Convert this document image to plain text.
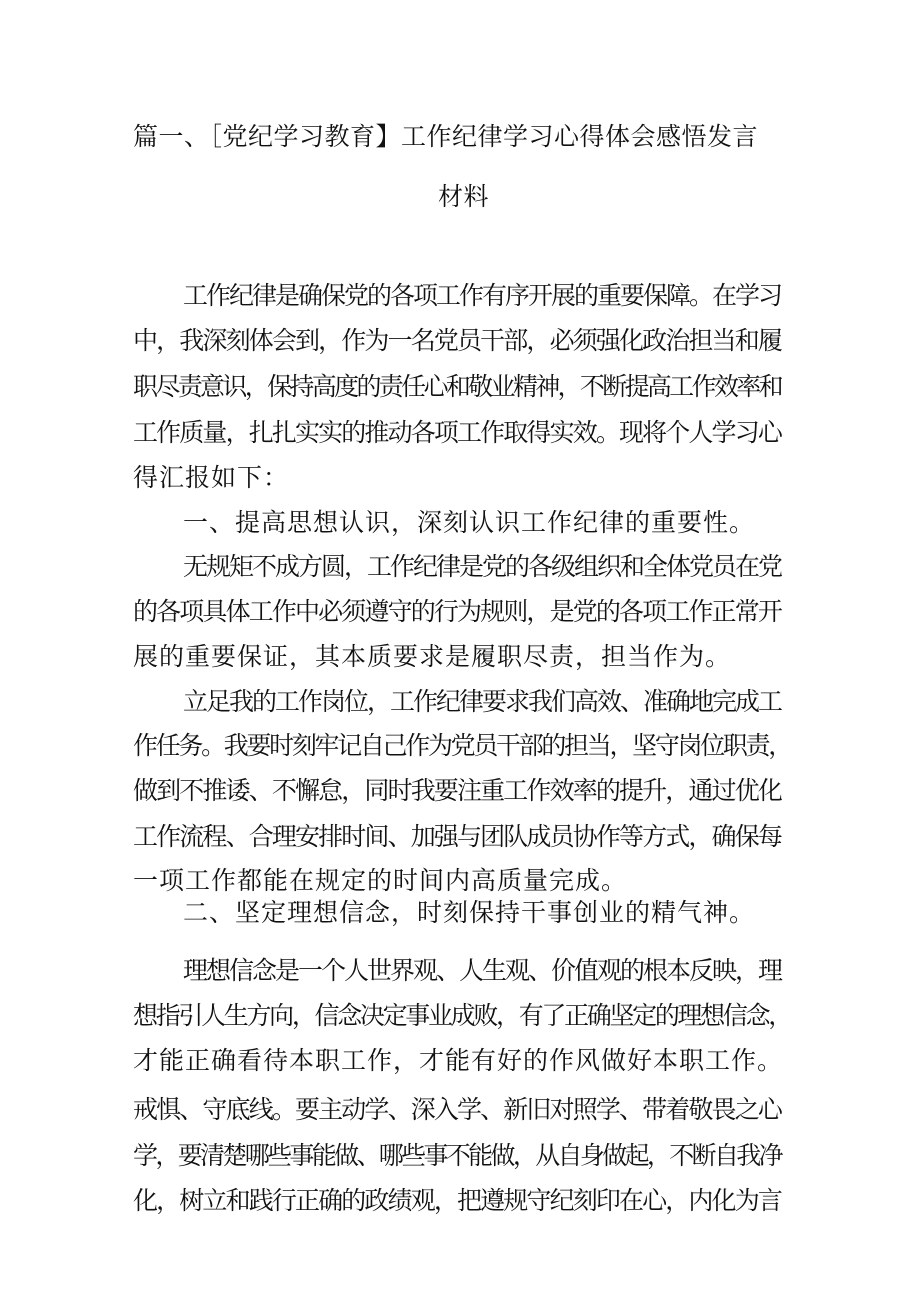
篇一、［党纪学习教育】工作纪律学习心得体会感悟发言
材料
工作纪律是确保党的各项工作有序开展的重要保障。在学习
中，我深刻体会到，作为一名党员干部，必须强化政治担当和履
职尽责意识，保持高度的责任心和敬业精神，不断提高工作效率和
工作质量，扎扎实实的推动各项工作取得实效。现将个人学习心
得汇报如下：
一、提高思想认识，深刻认识工作纪律的重要性。
无规矩不成方圆，工作纪律是党的各级组织和全体党员在党
的各项具体工作中必须遵守的行为规则，是党的各项工作正常开
展的重要保证，其本质要求是履职尽责，担当作为。
立足我的工作岗位，工作纪律要求我们高效、准确地完成工
作任务。我要时刻牢记自己作为党员干部的担当，坚守岗位职责，
做到不推诿、不懈怠，同时我要注重工作效率的提升，通过优化
工作流程、合理安排时间、加强与团队成员协作等方式，确保每
一项工作都能在规定的时间内高质量完成。
二、坚定理想信念，时刻保持干事创业的精气神。
理想信念是一个人世界观、人生观、价值观的根本反映，理
想指引人生方向，信念决定事业成败，有了正确坚定的理想信念，
才能正确看待本职工作，才能有好的作风做好本职工作。
戒惧、守底线。要主动学、深入学、新旧对照学、带着敬畏之心
学，要清楚哪些事能做、哪些事不能做，从自身做起，不断自我净
化，树立和践行正确的政绩观，把遵规守纪刻印在心，内化为言
